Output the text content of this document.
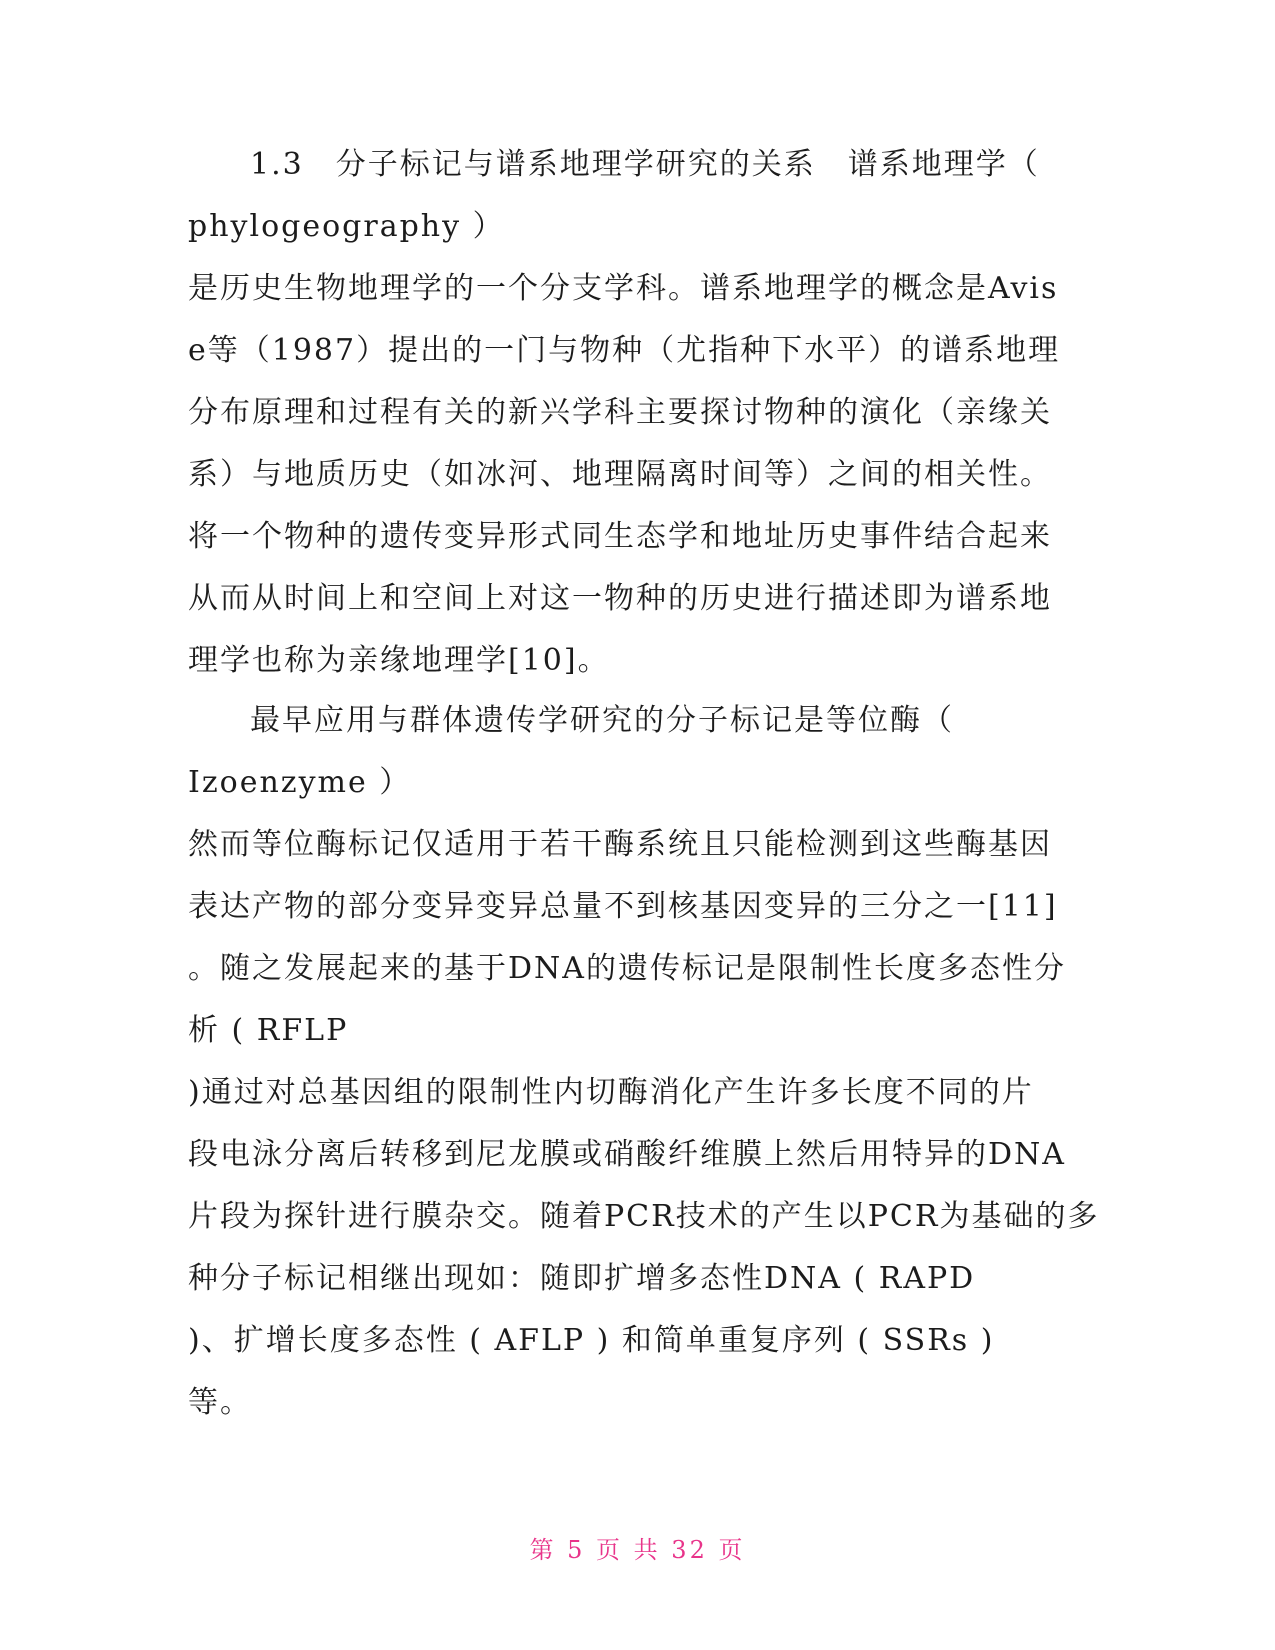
1.3　分子标记与谱系地理学研究的关系　谱系地理学（
phylogeography ）
是历史生物地理学的一个分支学科。谱系地理学的概念是Avis
e等（1987）提出的一门与物种（尤指种下水平）的谱系地理
分布原理和过程有关的新兴学科主要探讨物种的演化（亲缘关
系）与地质历史（如冰河、地理隔离时间等）之间的相关性。
将一个物种的遗传变异形式同生态学和地址历史事件结合起来
从而从时间上和空间上对这一物种的历史进行描述即为谱系地
理学也称为亲缘地理学[10]。
最早应用与群体遗传学研究的分子标记是等位酶（
Izoenzyme ）
然而等位酶标记仅适用于若干酶系统且只能检测到这些酶基因
表达产物的部分变异变异总量不到核基因变异的三分之一[11]
。随之发展起来的基于DNA的遗传标记是限制性长度多态性分
析 ( RFLP
)通过对总基因组的限制性内切酶消化产生许多长度不同的片
段电泳分离后转移到尼龙膜或硝酸纤维膜上然后用特异的DNA
片段为探针进行膜杂交。随着PCR技术的产生以PCR为基础的多
种分子标记相继出现如：随即扩增多态性DNA ( RAPD
)、扩增长度多态性 ( AFLP ) 和简单重复序列 ( SSRs )
等。
第 5 页 共 32 页
